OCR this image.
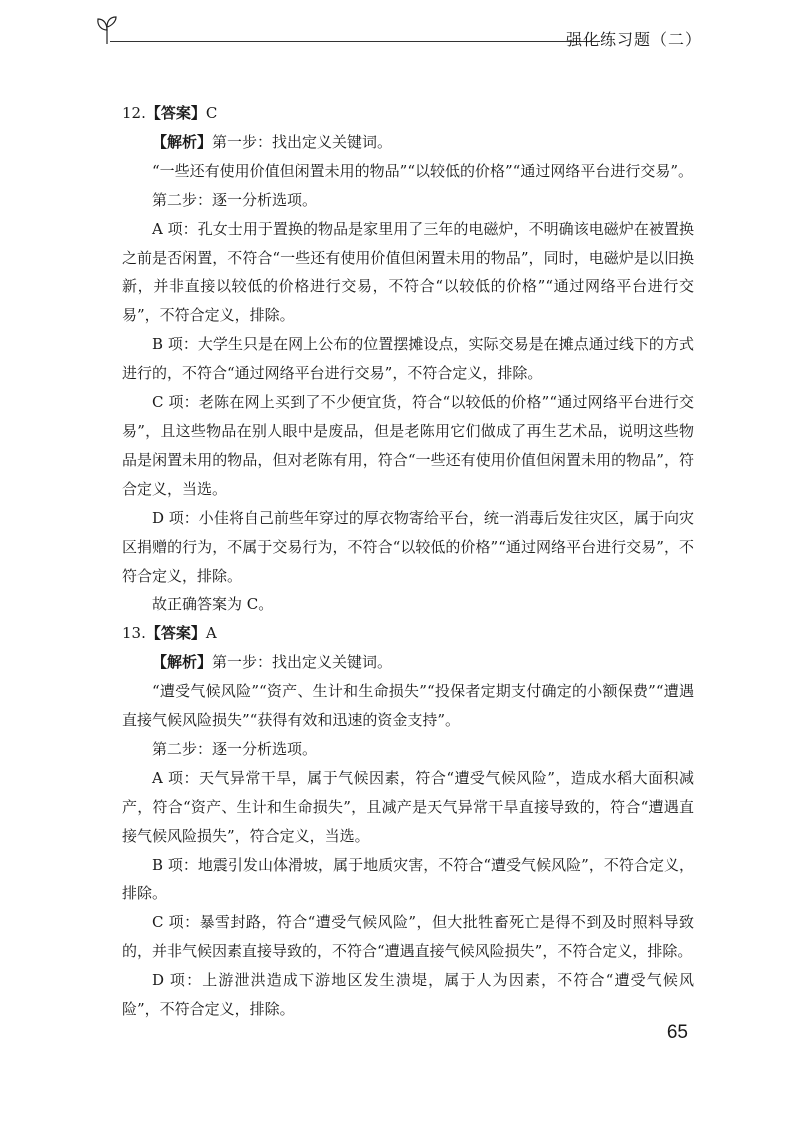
强化练习题（二）

12.【答案】C

【解析】第一步：找出定义关键词。

“一些还有使用价值但闲置未用的物品”“以较低的价格”“通过网络平台进行交易”。

第二步：逐一分析选项。

A 项：孔女士用于置换的物品是家里用了三年的电磁炉，不明确该电磁炉在被置换之前是否闲置，不符合“一些还有使用价值但闲置未用的物品”，同时，电磁炉是以旧换新，并非直接以较低的价格进行交易，不符合“以较低的价格”“通过网络平台进行交易”，不符合定义，排除。

B 项：大学生只是在网上公布的位置摆摊设点，实际交易是在摊点通过线下的方式进行的，不符合“通过网络平台进行交易”，不符合定义，排除。

C 项：老陈在网上买到了不少便宜货，符合“以较低的价格”“通过网络平台进行交易”，且这些物品在别人眼中是废品，但是老陈用它们做成了再生艺术品，说明这些物品是闲置未用的物品，但对老陈有用，符合“一些还有使用价值但闲置未用的物品”，符合定义，当选。

D 项：小佳将自己前些年穿过的厚衣物寄给平台，统一消毒后发往灾区，属于向灾区捐赠的行为，不属于交易行为，不符合“以较低的价格”“通过网络平台进行交易”，不符合定义，排除。

故正确答案为 C。

13.【答案】A

【解析】第一步：找出定义关键词。

“遭受气候风险”“资产、生计和生命损失”“投保者定期支付确定的小额保费”“遭遇直接气候风险损失”“获得有效和迅速的资金支持”。

第二步：逐一分析选项。

A 项：天气异常干旱，属于气候因素，符合“遭受气候风险”，造成水稻大面积减产，符合“资产、生计和生命损失”，且减产是天气异常干旱直接导致的，符合“遭遇直接气候风险损失”，符合定义，当选。

B 项：地震引发山体滑坡，属于地质灾害，不符合“遭受气候风险”，不符合定义，排除。

C 项：暴雪封路，符合“遭受气候风险”，但大批牲畜死亡是得不到及时照料导致的，并非气候因素直接导致的，不符合“遭遇直接气候风险损失”，不符合定义，排除。

D 项：上游泄洪造成下游地区发生溃堤，属于人为因素，不符合“遭受气候风险”，不符合定义，排除。

65
